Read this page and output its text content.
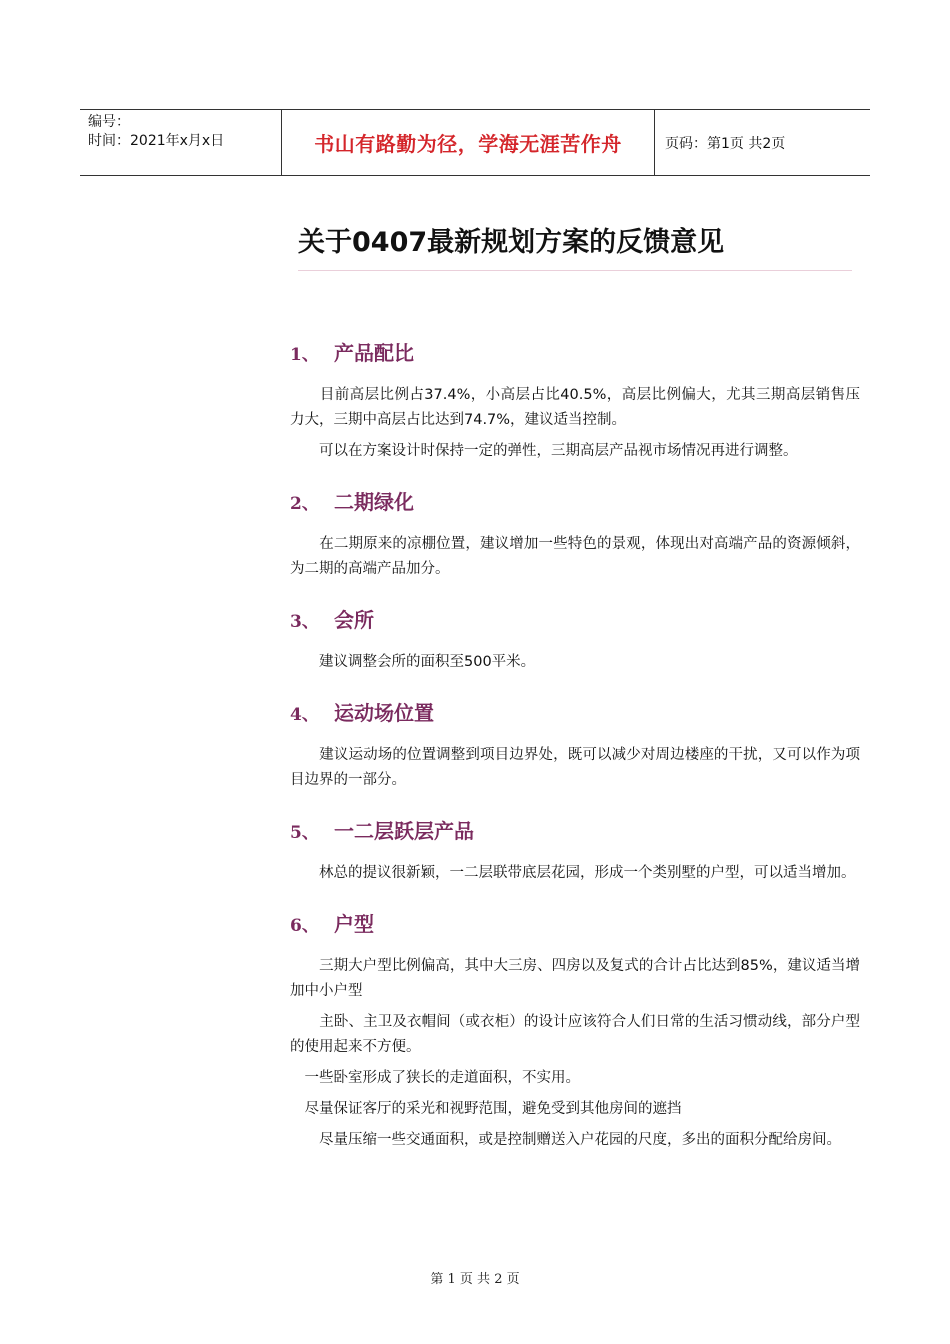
编号：
时间：2021年x月x日	书山有路勤为径，学海无涯苦作舟	页码：第1页 共2页
关于0407最新规划方案的反馈意见
1、 产品配比

　　目前高层比例占37.4%，小高层占比40.5%，高层比例偏大，尤其三期高层销售压力大，三期中高层占比达到74.7%，建议适当控制。

　　可以在方案设计时保持一定的弹性，三期高层产品视市场情况再进行调整。

2、 二期绿化

　　在二期原来的凉棚位置，建议增加一些特色的景观，体现出对高端产品的资源倾斜，为二期的高端产品加分。

3、 会所

　　建议调整会所的面积至500平米。

4、 运动场位置

　　建议运动场的位置调整到项目边界处，既可以减少对周边楼座的干扰，又可以作为项目边界的一部分。

5、 一二层跃层产品

　　林总的提议很新颖，一二层联带底层花园，形成一个类别墅的户型，可以适当增加。

6、 户型

　　三期大户型比例偏高，其中大三房、四房以及复式的合计占比达到85%，建议适当增加中小户型

　　主卧、主卫及衣帽间（或衣柜）的设计应该符合人们日常的生活习惯动线，部分户型的使用起来不方便。

　一些卧室形成了狭长的走道面积，不实用。

　尽量保证客厅的采光和视野范围，避免受到其他房间的遮挡

　　尽量压缩一些交通面积，或是控制赠送入户花园的尺度，多出的面积分配给房间。

第 1 页 共 2 页
